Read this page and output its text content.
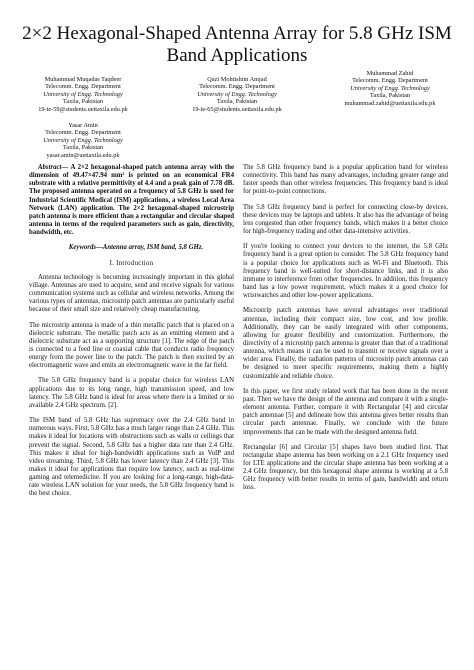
2×2 Hexagonal-Shaped Antenna Array for 5.8 GHz ISM Band Applications
Muhammad Muqadas Taqdeer
Telecomm. Engg. Department
University of Engg. Technology
Taxila, Pakistan
19-te-59@students.uettaxila.edu.pk
Qazi Mohtishim Amjad
Telecomm. Engg. Department
University of Engg. Technology
Taxila, Pakistan
19-te-65@students.uettaxila.edu.pk
Muhammad Zahid
Telecomm. Engg. Department
University of Engg. Technology
Taxila, Pakistan
muhammad.zahid@uettaxila.edu.pk
Yasar Amin
Telecomm. Engg. Department
University of Engg. Technology
Taxila, Pakistan
yasar.amin@uettaxila.edu.pk

Abstract— A 2×2 hexagonal-shaped patch antenna array with the dimension of 49.47×47.94 mm² is printed on an economical FR4 substrate with a relative permittivity of 4.4 and a peak gain of 7.78 dB. The proposed antenna operated on a frequency of 5.8 GHz is used for Industrial Scientific Medical (ISM) applications, a wireless Local Area Network (LAN) application. The 2×2 hexagonal-shaped microstrip patch antenna is more efficient than a rectangular and circular shaped antenna in terms of the required parameters such as gain, directivity, bandwidth, etc.

Keywords—Antenna array, ISM band, 5.8 GHz.

I. Introduction

Antenna technology is becoming increasingly important in this global village. Antennas are used to acquire, send and receive signals for various communication systems such as cellular and wireless networks. Among the various types of antennas, microstrip patch antennas are particularly useful because of their small size and relatively cheap manufacturing.

The microstrip antenna is made of a thin metallic patch that is placed on a dielectric substrate. The metallic patch acts as an emitting element and a dielectric substrate act as a supporting structure [1]. The edge of the patch is connected to a feed line or coaxial cable that conducts radio frequency energy from the power line to the patch. The patch is then excited by an electromagnetic wave and emits an electromagnetic wave in the far field.

The 5.8 GHz frequency band is a popular choice for wireless LAN applications due to its long range, high transmission speed, and low latency. The 5.8 GHz band is ideal for areas where there is a limited or no available 2.4 GHz spectrum. [2].

The ISM band of 5.8 GHz has supremacy over the 2.4 GHz band in numerous ways. First, 5.8 GHz has a much larger range than 2.4 GHz. This makes it ideal for locations with obstructions such as walls or ceilings that prevent the signal. Second, 5.8 GHz has a higher data rate than 2.4 GHz. This makes it ideal for high-bandwidth applications such as VoIP and video streaming. Third, 5.8 GHz has lower latency than 2.4 GHz [3]. This makes it ideal for applications that require low latency, such as real-time gaming and telemedicine. If you are looking for a long-range, high-data-rate wireless LAN solution for your needs, the 5.8 GHz frequency band is the best choice.

The 5.8 GHz frequency band is a popular application band for wireless connectivity. This band has many advantages, including greater range and faster speeds than other wireless frequencies. This frequency band is ideal for point-to-point connections.

The 5.8 GHz frequency band is perfect for connecting close-by devices, these devices may be laptops and tablets. It also has the advantage of being less congested than other frequency bands, which makes it a better choice for high-frequency trading and other data-intensive activities.

If you're looking to connect your devices to the internet, the 5.8 GHz frequency band is a great option to consider. The 5.8 GHz frequency band is a popular choice for applications such as Wi-Fi and Bluetooth. This frequency band is well-suited for short-distance links, and it is also immune to interference from other frequencies. In addition, this frequency band has a low power requirement, which makes it a good choice for wristwatches and other low-power applications.

Microstrip patch antennas have several advantages over traditional antennas, including their compact size, low cost, and low profile. Additionally, they can be easily integrated with other components, allowing for greater flexibility and customization. Furthermore, the directivity of a microstrip patch antenna is greater than that of a traditional antenna, which means it can be used to transmit or receive signals over a wider area. Finally, the radiation patterns of microstrip patch antennas can be designed to meet specific requirements, making them a highly customizable and reliable choice.

In this paper, we first study related work that has been done in the recent past. Then we have the design of the antenna and compare it with a single-element antenna. Further, compare it with Rectangular [4] and circular patch antennae [5] and delineate how this antenna gives better results than circular patch antennae. Finally, we conclude with the future improvements that can be made with the designed antenna field.

Rectangular [6] and Circular [5] shapes have been studied first. That rectangular shape antenna has been working on a 2.1 GHz frequency used for LTE applications and the circular shape antenna has been working at a 2.4 GHz frequency, but this hexagonal shape antenna is working at a 5.8 GHz frequency with better results in terms of gain, bandwidth and return loss.
